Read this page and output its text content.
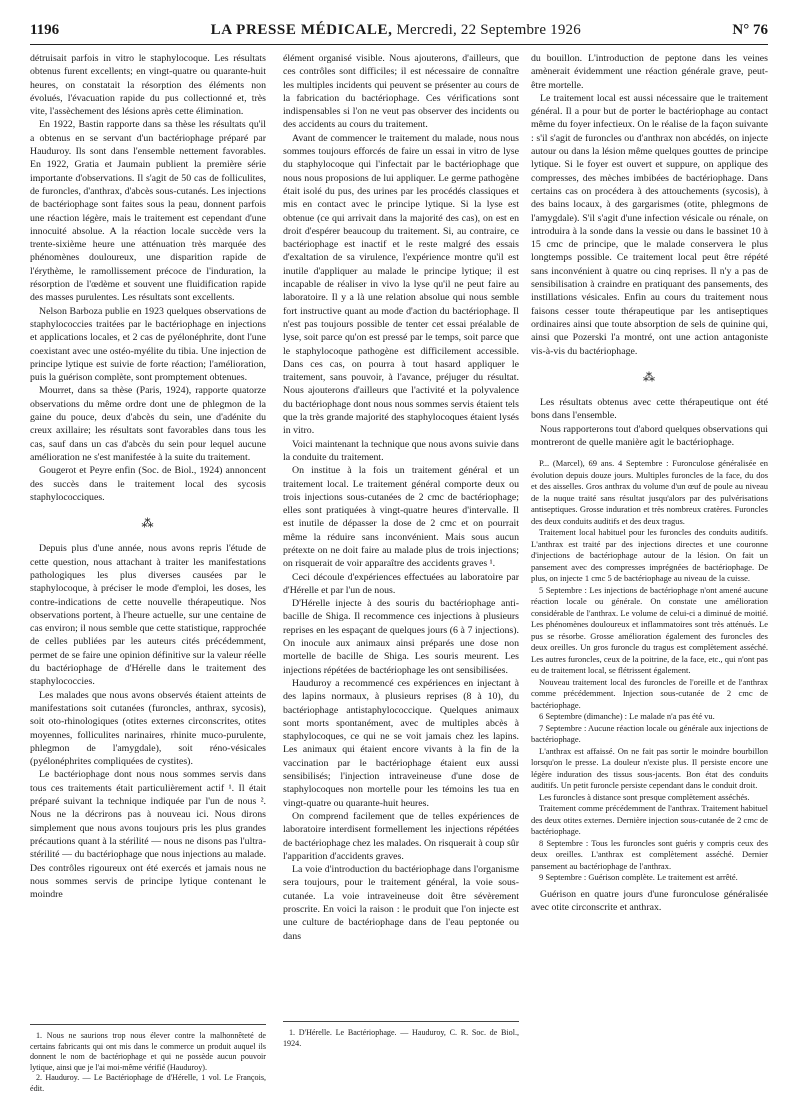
1196	LA PRESSE MÉDICALE, Mercredi, 22 Septembre 1926	N° 76

détruisait parfois in vitro le staphylocoque. Les résultats obtenus furent excellents; en vingt-quatre ou quarante-huit heures, on constatait la résorption des éléments non évolués, l'évacuation rapide du pus collectionné et, très vite, l'assèchement des lésions après cette élimination.

En 1922, Bastin rapporte dans sa thèse les résultats qu'il a obtenus en se servant d'un bactériophage préparé par Hauduroy. Ils sont dans l'ensemble nettement favorables. En 1922, Gratia et Jaumain publient la première série importante d'observations. Il s'agit de 50 cas de folliculites, de furoncles, d'anthrax, d'abcès sous-cutanés. Les injections de bactériophage sont faites sous la peau, donnent parfois une réaction légère, mais le traitement est cependant d'une innocuité absolue. A la réaction locale succède vers la trente-sixième heure une atténuation très marquée des phénomènes douloureux, une disparition rapide de l'érythème, le ramollissement précoce de l'induration, la résorption de l'œdème et souvent une fluidification rapide des masses purulentes. Les résultats sont excellents.

Nelson Barboza publie en 1923 quelques observations de staphylococcies traitées par le bactériophage en injections et applications locales, et 2 cas de pyélonéphrite, dont l'une coexistant avec une ostéo-myélite du tibia. Une injection de principe lytique est suivie de forte réaction; l'amélioration, puis la guérison complète, sont promptement obtenues.

Mourret, dans sa thèse (Paris, 1924), rapporte quatorze observations du même ordre dont une de phlegmon de la gaine du pouce, deux d'abcès du sein, une d'adénite du creux axillaire; les résultats sont favorables dans tous les cas, sauf dans un cas d'abcès du sein pour lequel aucune amélioration ne s'est manifestée à la suite du traitement.

Gougerot et Peyre enfin (Soc. de Biol., 1924) annoncent des succès dans le traitement local des sycosis staphylococciques.

⁂

Depuis plus d'une année, nous avons repris l'étude de cette question, nous attachant à traiter les manifestations pathologiques les plus diverses causées par le staphylocoque, à préciser le mode d'emploi, les doses, les contre-indications de cette nouvelle thérapeutique. Nos observations portent, à l'heure actuelle, sur une centaine de cas environ; il nous semble que cette statistique, rapprochée de celles publiées par les auteurs cités précédemment, permet de se faire une opinion définitive sur la valeur réelle du bactériophage de d'Hérelle dans le traitement des staphylococcies.

Les malades que nous avons observés étaient atteints de manifestations soit cutanées (furoncles, anthrax, sycosis), soit oto-rhinologiques (otites externes circonscrites, otites moyennes, folliculites narinaires, rhinite muco-purulente, phlegmon de l'amygdale), soit réno-vésicales (pyélonéphrites compliquées de cystites).

Le bactériophage dont nous nous sommes servis dans tous ces traitements était particulièrement actif ¹. Il était préparé suivant la technique indiquée par l'un de nous ². Nous ne la décrirons pas à nouveau ici. Nous dirons simplement que nous avons toujours pris les plus grandes précautions quant à la stérilité — nous ne disons pas l'ultra-stérilité — du bactériophage que nous injections au malade. Des contrôles rigoureux ont été exercés et jamais nous ne nous sommes servis de principe lytique contenant le moindre

1. Nous ne saurions trop nous élever contre la malhonnêteté de certains fabricants qui ont mis dans le commerce un produit auquel ils donnent le nom de bactériophage et qui ne possède aucun pouvoir lytique, ainsi que je l'ai moi-même vérifié (Hauduroy).

2. Hauduroy. — Le Bactériophage de d'Hérelle, 1 vol. Le François, édit.

élément organisé visible. Nous ajouterons, d'ailleurs, que ces contrôles sont difficiles; il est nécessaire de connaître les multiples incidents qui peuvent se présenter au cours de la fabrication du bactériophage. Ces vérifications sont indispensables si l'on ne veut pas observer des incidents ou des accidents au cours du traitement.

Avant de commencer le traitement du malade, nous nous sommes toujours efforcés de faire un essai in vitro de lyse du staphylocoque qui l'infectait par le bactériophage que nous nous proposions de lui appliquer. Le germe pathogène était isolé du pus, des urines par les procédés classiques et mis en contact avec le principe lytique. Si la lyse est obtenue (ce qui arrivait dans la majorité des cas), on est en droit d'espérer beaucoup du traitement. Si, au contraire, ce bactériophage est inactif et le reste malgré des essais d'exaltation de sa virulence, l'expérience montre qu'il est inutile d'appliquer au malade le principe lytique; il est incapable de réaliser in vivo la lyse qu'il ne peut faire au laboratoire. Il y a là une relation absolue qui nous semble fort instructive quant au mode d'action du bactériophage. Il n'est pas toujours possible de tenter cet essai préalable de lyse, soit parce qu'on est pressé par le temps, soit parce que le staphylocoque pathogène est difficilement accessible. Dans ces cas, on pourra à tout hasard appliquer le traitement, sans pouvoir, à l'avance, préjuger du résultat. Nous ajouterons d'ailleurs que l'activité et la polyvalence du bactériophage dont nous nous sommes servis étaient tels que la très grande majorité des staphylocoques étaient lysés in vitro.

Voici maintenant la technique que nous avons suivie dans la conduite du traitement.

On institue à la fois un traitement général et un traitement local. Le traitement général comporte deux ou trois injections sous-cutanées de 2 cmc de bactériophage; elles sont pratiquées à vingt-quatre heures d'intervalle. Il est inutile de dépasser la dose de 2 cmc et on pourrait même la réduire sans inconvénient. Mais sous aucun prétexte on ne doit faire au malade plus de trois injections; on risquerait de voir apparaître des accidents graves ¹.

Ceci découle d'expériences effectuées au laboratoire par d'Hérelle et par l'un de nous.

D'Hérelle injecte à des souris du bactériophage anti-bacille de Shiga. Il recommence ces injections à plusieurs reprises en les espaçant de quelques jours (6 à 7 injections). On inocule aux animaux ainsi préparés une dose non mortelle de bacille de Shiga. Les souris meurent. Les injections répétées de bactériophage les ont sensibilisées.

Hauduroy a recommencé ces expériences en injectant à des lapins normaux, à plusieurs reprises (8 à 10), du bactériophage antistaphylococcique. Quelques animaux sont morts spontanément, avec de multiples abcès à staphylocoques, ce qui ne se voit jamais chez les lapins. Les animaux qui étaient encore vivants à la fin de la vaccination par le bactériophage étaient eux aussi sensibilisés; l'injection intraveineuse d'une dose de staphylocoques non mortelle pour les témoins les tua en vingt-quatre ou quarante-huit heures.

On comprend facilement que de telles expériences de laboratoire interdisent formellement les injections répétées de bactériophage chez les malades. On risquerait à coup sûr l'apparition d'accidents graves.

La voie d'introduction du bactériophage dans l'organisme sera toujours, pour le traitement général, la voie sous-cutanée. La voie intraveineuse doit être sévèrement proscrite. En voici la raison : le produit que l'on injecte est une culture de bactériophage dans de l'eau peptonée ou dans

1. D'Hérelle. Le Bactériophage. — Hauduroy, C. R. Soc. de Biol., 1924.

du bouillon. L'introduction de peptone dans les veines amènerait évidemment une réaction générale grave, peut-être mortelle.

Le traitement local est aussi nécessaire que le traitement général. Il a pour but de porter le bactériophage au contact même du foyer infectieux. On le réalise de la façon suivante : s'il s'agit de furoncles ou d'anthrax non abcédés, on injecte autour ou dans la lésion même quelques gouttes de principe lytique. Si le foyer est ouvert et suppure, on applique des compresses, des mèches imbibées de bactériophage. Dans certains cas on procédera à des attouchements (sycosis), à des bains locaux, à des gargarismes (otite, phlegmons de l'amygdale). S'il s'agit d'une infection vésicale ou rénale, on introduira à la sonde dans la vessie ou dans le bassinet 10 à 15 cmc de principe, que le malade conservera le plus longtemps possible. Ce traitement local peut être répété sans inconvénient à quatre ou cinq reprises. Il n'y a pas de sensibilisation à craindre en pratiquant des pansements, des instillations vésicales. Enfin au cours du traitement nous faisons cesser toute thérapeutique par les antiseptiques ordinaires ainsi que toute absorption de sels de quinine qui, ainsi que Pozerski l'a montré, ont une action antagoniste vis-à-vis du bactériophage.

⁂

Les résultats obtenus avec cette thérapeutique ont été bons dans l'ensemble.

Nous rapporterons tout d'abord quelques observations qui montreront de quelle manière agit le bactériophage.

P... (Marcel), 69 ans. 4 Septembre : Furonculose généralisée en évolution depuis douze jours. Multiples furoncles de la face, du dos et des aisselles. Gros anthrax du volume d'un œuf de poule au niveau de la nuque traité sans résultat jusqu'alors par des pulvérisations antiseptiques. Grosse induration et très nombreux cratères. Furoncles des deux conduits auditifs et des deux tragus.

Traitement local habituel pour les furoncles des conduits auditifs. L'anthrax est traité par des injections directes et une couronne d'injections de bactériophage autour de la lésion. On fait un pansement avec des compresses imprégnées de bactériophage. De plus, on injecte 1 cmc 5 de bactériophage au niveau de la cuisse.

5 Septembre : Les injections de bactériophage n'ont amené aucune réaction locale ou générale. On constate une amélioration considérable de l'anthrax. Le volume de celui-ci a diminué de moitié. Les phénomènes douloureux et inflammatoires sont très atténués. Le pus se résorbe. Grosse amélioration également des furoncles des deux oreilles. Un gros furoncle du tragus est complètement asséché. Les autres furoncles, ceux de la poitrine, de la face, etc., qui n'ont pas eu de traitement local, se flétrissent également.

Nouveau traitement local des furoncles de l'oreille et de l'anthrax comme précédemment. Injection sous-cutanée de 2 cmc de bactériophage.

6 Septembre (dimanche) : Le malade n'a pas été vu.

7 Septembre : Aucune réaction locale ou générale aux injections de bactériophage.

L'anthrax est affaissé. On ne fait pas sortir le moindre bourbillon lorsqu'on le presse. La douleur n'existe plus. Il persiste encore une légère induration des tissus sous-jacents. Bon état des conduits auditifs. Un petit furoncle persiste cependant dans le conduit droit.

Les furoncles à distance sont presque complètement asséchés.

Traitement comme précédemment de l'anthrax. Traitement habituel des deux otites externes. Dernière injection sous-cutanée de 2 cmc de bactériophage.

8 Septembre : Tous les furoncles sont guéris y compris ceux des deux oreilles. L'anthrax est complètement asséché. Dernier pansement au bactériophage de l'anthrax.

9 Septembre : Guérison complète. Le traitement est arrêté.

Guérison en quatre jours d'une furonculose généralisée avec otite circonscrite et anthrax.
